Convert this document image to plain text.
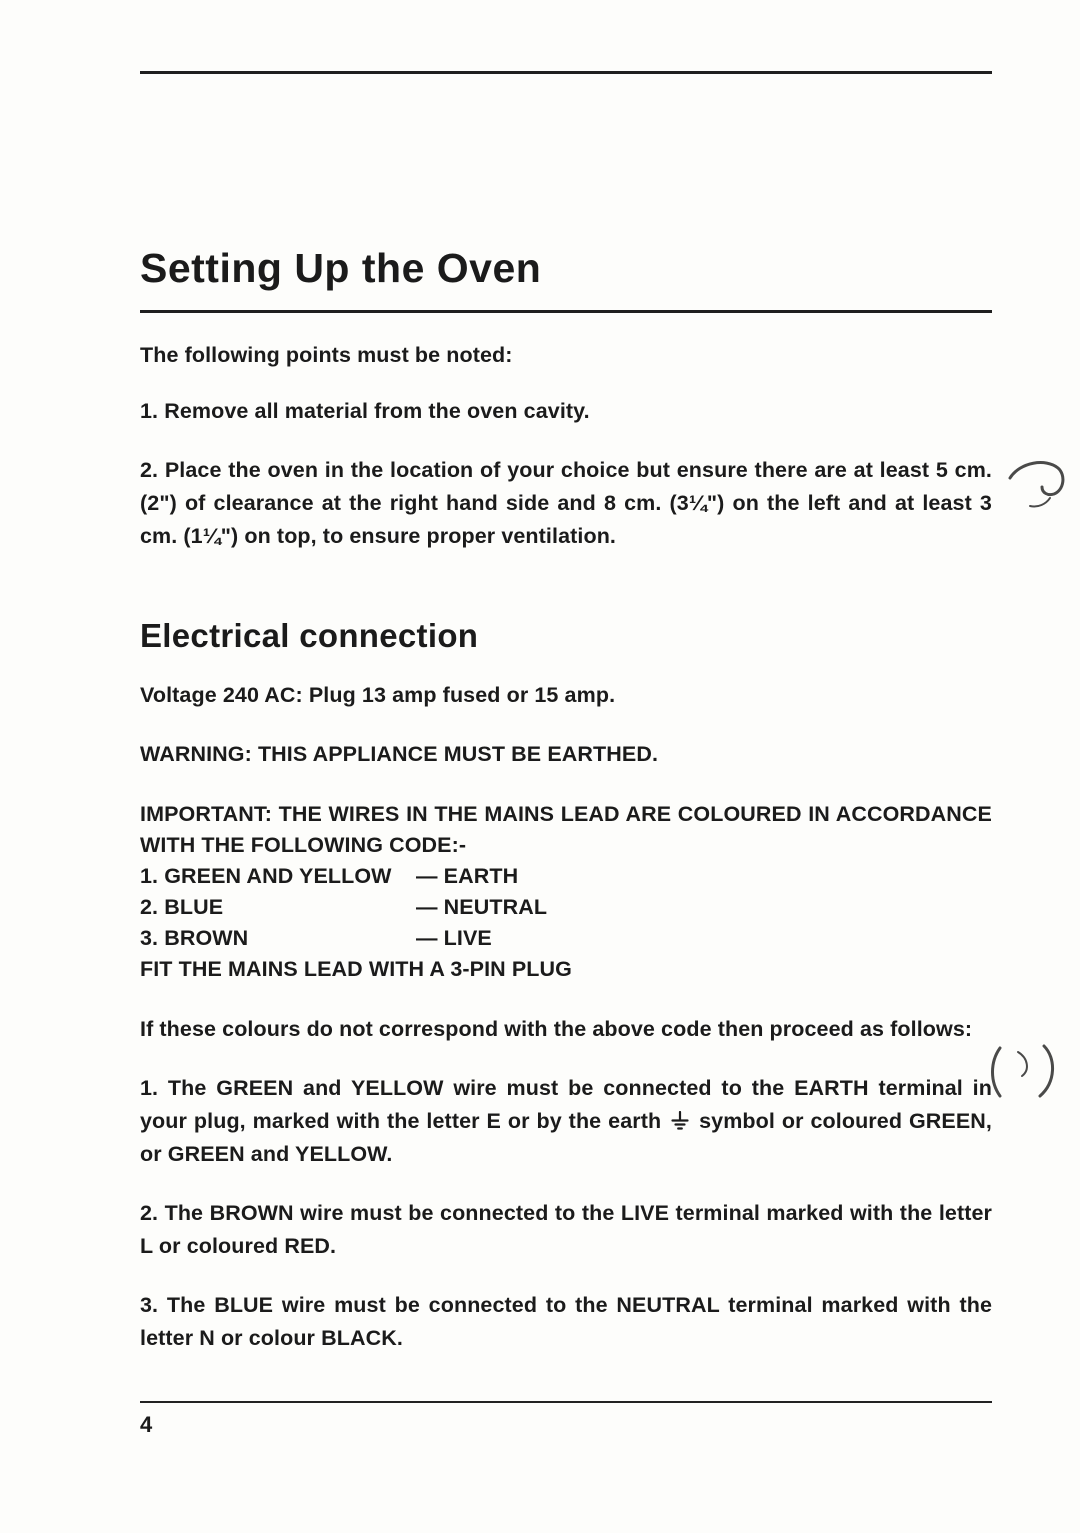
Setting Up the Oven

The following points must be noted:

1. Remove all material from the oven cavity.

2. Place the oven in the location of your choice but ensure there are at least 5 cm. (2") of clearance at the right hand side and 8 cm. (3¼") on the left and at least 3 cm. (1¼") on top, to ensure proper ventilation.

Electrical connection

Voltage 240 AC: Plug 13 amp fused or 15 amp.

WARNING: THIS APPLIANCE MUST BE EARTHED.

IMPORTANT: THE WIRES IN THE MAINS LEAD ARE COLOURED IN ACCORDANCE WITH THE FOLLOWING CODE:-

1. GREEN AND YELLOW — EARTH

2. BLUE	— NEUTRAL

3. BROWN	— LIVE

FIT THE MAINS LEAD WITH A 3-PIN PLUG

If these colours do not correspond with the above code then proceed as follows:

1. The GREEN and YELLOW wire must be connected to the EARTH terminal in your plug, marked with the letter E or by the earth symbol or coloured GREEN, or GREEN and YELLOW.

2. The BROWN wire must be connected to the LIVE terminal marked with the letter L or coloured RED.

3. The BLUE wire must be connected to the NEUTRAL terminal marked with the letter N or colour BLACK.

4
